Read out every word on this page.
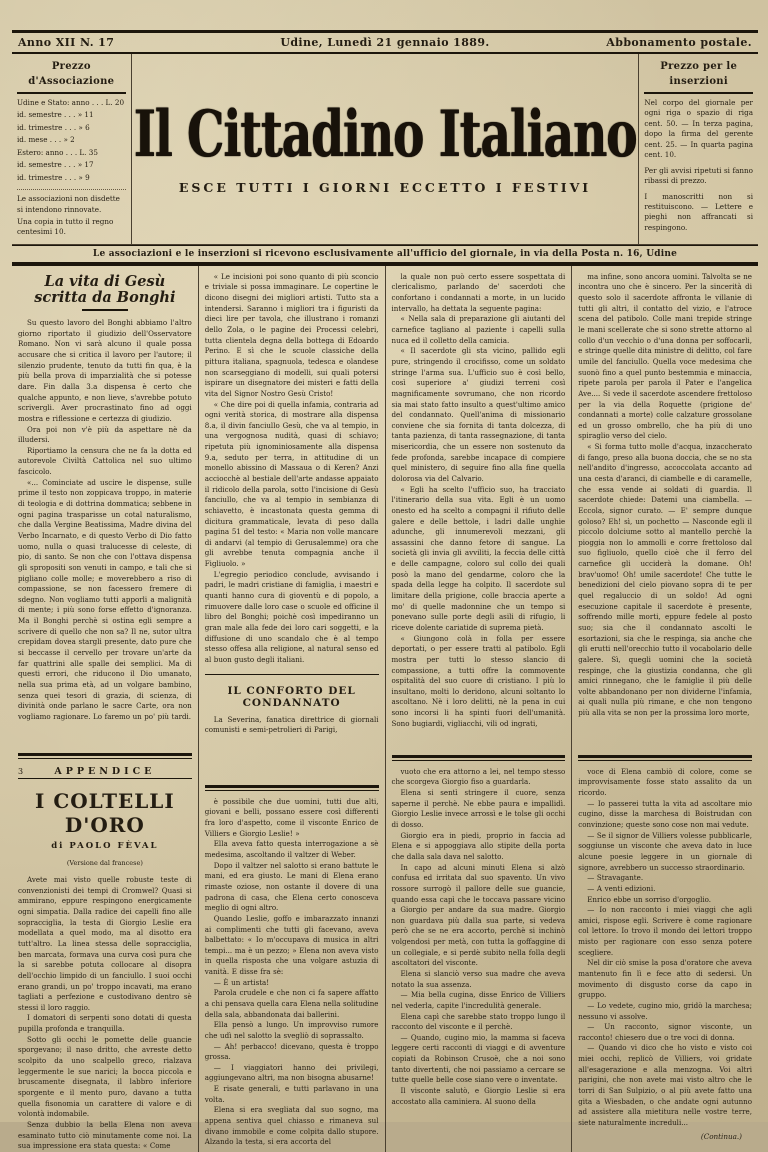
Anno XII N. 17	Udine, Lunedì 21 gennaio 1889.	Abbonamento postale.
Prezzo d'Associazione

Udine e Stato: anno . . . L. 20

id. semestre . . . » 11

id. trimestre . . . » 6

id. mese . . . » 2

Estero: anno . . . L. 35

id. semestre . . . » 17

id. trimestre . . . » 9

Le associazioni non disdette si intendono rinnovate.

Una copia in tutto il regno centesimi 10.

Il Cittadino Italiano
ESCE TUTTI I GIORNI ECCETTO I FESTIVI
Prezzo per le inserzioni

Nel corpo del giornale per ogni riga o spazio di riga cent. 50. — In terza pagina, dopo la firma del gerente cent. 25. — In quarta pagina cent. 10.

Per gli avvisi ripetuti si fanno ribassi di prezzo.

I manoscritti non si restituiscono. — Lettere e pieghi non affrancati si respingono.

Le associazioni e le inserzioni si ricevono esclusivamente all'ufficio del giornale, in via della Posta n. 16, Udine
La vita di Gesù scritta da Bonghi

Su questo lavoro del Bonghi abbiamo l'altro giorno riportato il giudizio dell'Osservatore Romano. Non vi sarà alcuno il quale possa accusare che si critica il lavoro per l'autore; il silenzio prudente, tenuto da tutti fin qua, è la più bella prova di imparzialità che si potesse dare. Fin dalla 3.a dispensa è certo che qualche appunto, e non lieve, s'avrebbe potuto scrivergli. Aver procrastinato fino ad oggi mostra e riflessione e certezza di giudizio.

Ora poi non v'è più da aspettare nè da illudersi.

Riportiamo la censura che ne fa la dotta ed autorevole Civiltà Cattolica nel suo ultimo fascicolo.

«... Cominciate ad uscire le dispense, sulle prime il testo non zoppicava troppo, in materie di teologia e di dottrina dommatica; sebbene in ogni pagina trasparisse un cotal naturalismo, che dalla Vergine Beatissima, Madre divina del Verbo Incarnato, e di questo Verbo di Dio fatto uomo, nulla o quasi tralucesse di celeste, di pio, di santo. Se non che con l'ottava dispensa gli spropositi son venuti in campo, e tali che si pigliano colle molle; e moverebbero a riso di compassione, se non facessero fremere di sdegno. Non vogliamo tutti apporli a malignità di mente; i più sono forse effetto d'ignoranza. Ma il Bonghi perchè si ostina egli sempre a scrivere di quello che non sa? Il ne, sutor ultra crepidam dovea stargli presente, dato pure che si beccasse il cervello per trovare un'arte da far quattrini alle spalle dei semplici. Ma di questi errori, che riducono il Dio umanato, nella sua prima età, ad un volgare bambino, senza quei tesori di grazia, di scienza, di divinità onde parlano le sacre Carte, ora non vogliamo ragionare. Lo faremo un po' più tardi.

3	APPENDICE
I COLTELLI D'ORO
di PAOLO FÈVAL
(Versione dal francese)

Avete mai visto quelle robuste teste di convenzionisti dei tempi di Cromwel? Quasi si ammirano, eppure respingono energicamente ogni simpatia. Dalla radice dei capelli fino alle sopracciglia, la testa di Giorgio Leslie era modellata a quel modo, ma al disotto era tutt'altro. La linea stessa delle sopracciglia, ben marcata, formava una curva così pura che la si sarebbe potuta collocare al disopra dell'occhio limpido di un fanciullo. I suoi occhi erano grandi, un po' troppo incavati, ma erano tagliati a perfezione e custodivano dentro sè stessi il loro raggio.

I domatori di serpenti sono dotati di questa pupilla profonda e tranquilla.

Sotto gli occhi le pomette delle guancie sporgevano; il naso dritto, che avreste detto scolpito da uno scalpello greco, rialzava leggermente le sue narici; la bocca piccola e bruscamente disegnata, il labbro inferiore sporgente e il mento puro, davano a tutta quella fisonomia un carattere di valore e di volontà indomabile.

Senza dubbio la bella Elena non aveva esaminato tutto ciò minutamente come noi. La sua impressione era stata questa: « Come

« Le incisioni poi sono quanto di più sconcio e triviale si possa immaginare. Le copertine le dicono disegni dei migliori artisti. Tutto sta a intendersi. Saranno i migliori tra i figuristi da dieci lire per tavola, che illustrano i romanzi dello Zola, o le pagine dei Processi celebri, tutta clientela degna della bottega di Edoardo Perino. E sì che le scuole classiche della pittura italiana, spagnuola, tedesca e olandese non scarseggiano di modelli, sui quali potersi ispirare un disegnatore dei misteri e fatti della vita del Signor Nostro Gesù Cristo!

« Che dire poi di quella infamia, contraria ad ogni verità storica, di mostrare alla dispensa 8.a, il divin fanciullo Gesù, che va al tempio, in una vergognosa nudità, quasi di schiavo; ripetuta più ignominiosamente alla dispensa 9.a, seduto per terra, in attitudine di un monello abissino di Massaua o di Keren? Anzi acciocchè al bestiale dell'arte andasse appaiato il ridicolo della parola, sotto l'incisione di Gesù fanciullo, che va al tempio in sembianza di schiavetto, è incastonata questa gemma di dicitura grammaticale, levata di peso dalla pagina 51 del testo: « Maria non volle mancare di andarvi (al tempio di Gerusalemme) ora che gli avrebbe tenuta compagnia anche il Figliuolo. »

L'egregio periodico conclude, avvisando i padri, le madri cristiane di famiglia, i maestri e quanti hanno cura di gioventù e di popolo, a rimuovere dalle loro case o scuole ed officine il libro del Bonghi; poichè così impediranno un gran male alla fede dei loro cari soggetti, e la diffusione di uno scandalo che è al tempo stesso offesa alla religione, al natural senso ed al buon gusto degli italiani.

IL CONFORTO DEL CONDANNATO

La Severina, fanatica direttrice di giornali comunisti e semi-petrolieri di Parigi,

è possibile che due uomini, tutti due alti, giovani e belli, possano essere così differenti fra loro d'aspetto, come il visconte Enrico de Villiers e Giorgio Leslie! »

Ella aveva fatto questa interrogazione a sè medesima, ascoltando il valtzer di Weber.

Dopo il valtzer nel salotto si erano battute le mani, ed era giusto. Le mani di Elena erano rimaste oziose, non ostante il dovere di una padrona di casa, che Elena certo conosceva meglio di ogni altro.

Quando Leslie, goffo e imbarazzato innanzi ai complimenti che tutti gli facevano, aveva balbettato: « Io m'occupava di musica in altri tempi... ma è un pezzo; » Elena non aveva visto in quella risposta che una volgare astuzia di vanità. E disse fra sè:

— È un artista!

Parola crudele e che non ci fa sapere affatto a chi pensava quella cara Elena nella solitudine della sala, abbandonata dai ballerini.

Ella pensò a lungo. Un improvviso rumore che udì nel salotto la svegliò di soprassalto.

— Ah! perbacco! dicevano, questa è troppo grossa.

— I viaggiatori hanno dei privilegi, aggiungevano altri, ma non bisogna abusarne!

E risate generali, e tutti parlavano in una volta.

Elena si era svegliata dal suo sogno, ma appena sentiva quel chiasso e rimaneva sul divano immobile e come colpita dallo stupore. Alzando la testa, si era accorta del

la quale non può certo essere sospettata di clericalismo, parlando de' sacerdoti che confortano i condannati a morte, in un lucido intervallo, ha dettata la seguente pagina:

« Nella sala di preparazione gli aiutanti del carnefice tagliano al paziente i capelli sulla nuca ed il colletto della camicia.

« Il sacerdote gli sta vicino, pallido egli pure, stringendo il crocifisso, come un soldato stringe l'arma sua. L'ufficio suo è così bello, così superiore a' giudizi terreni così magnificamente sovrumano, che non ricordo sia mai stato fatto insulto a quest'ultimo amico del condannato. Quell'anima di missionario conviene che sia fornita di tanta dolcezza, di tanta pazienza, di tanta rassegnazione, di tanta misericordia, che un essere non sostenuto da fede profonda, sarebbe incapace di compiere quel ministero, di seguire fino alla fine quella dolorosa via del Calvario.

« Egli ha scelto l'ufficio suo, ha tracciato l'itinerario della sua vita. Egli è un uomo onesto ed ha scelto a compagni il rifiuto delle galere e delle bettole, i ladri dalle unghie adunche, gli innumerevoli mezzani, gli assassini che danno fetore di sangue. La società gli invia gli avviliti, la feccia delle città e delle campagne, coloro sul collo dei quali posò la mano del gendarme, coloro che la spada della legge ha colpito. Il sacerdote sul limitare della prigione, colle braccia aperte a mo' di quelle madonnine che un tempo si ponevano sulle porte degli asili di rifugio, li riceve dolente cariatide di suprema pietà.

« Giungono colà in folla per essere deportati, o per essere tratti al patibolo. Egli mostra per tutti lo stesso slancio di compassione, a tutti offre la commovente ospitalità del suo cuore di cristiano. I più lo insultano, molti lo deridono, alcuni soltanto lo ascoltano. Nè i loro delitti, nè la pena in cui sono incorsi li ha spinti fuori dell'umanità. Sono bugiardi, vigliacchi, vili od ingrati,

vuoto che era attorno a lei, nel tempo stesso che scorgeva Giorgio fiso a guardarla.

Elena si sentì stringere il cuore, senza saperne il perchè. Ne ebbe paura e impallidì. Giorgio Leslie invece arrossì e le tolse gli occhi di dosso.

Giorgio era in piedi, proprio in faccia ad Elena e si appoggiava allo stipite della porta che dalla sala dava nel salotto.

In capo ad alcuni minuti Elena si alzò confusa ed irritata dal suo spavento. Un vivo rossore surrogò il pallore delle sue guancie, quando essa capì che le toccava passare vicino a Giorgio per andare da sua madre. Giorgio non guardava più dalla sua parte, si vedeva però che se ne era accorto, perchè si inchinò volgendosi per metà, con tutta la goffaggine di un collegiale, e si perdè subito nella folla degli ascoltatori del visconte.

Elena si slanciò verso sua madre che aveva notato la sua assenza.

— Mia bella cugina, disse Enrico de Villiers nel vederla, capite l'incredulità generale.

Elena capì che sarebbe stato troppo lungo il racconto del visconte e il perchè.

— Quando, cugino mio, la mamma si faceva leggere certi racconti di viaggi e di avventure copiati da Robinson Crusoè, che a noi sono tanto divertenti, che noi passiamo a cercare se tutte quelle belle cose siano vere o inventate.

Il visconte salutò, e Giorgio Leslie si era accostato alla caminiera. Al suono della

ma infine, sono ancora uomini. Talvolta se ne incontra uno che è sincero. Per la sincerità di questo solo il sacerdote affronta le villanie di tutti gli altri, il contatto del vizio, e l'atroce scena del patibolo. Colle mani trepide stringe le mani scellerate che si sono strette attorno al collo d'un vecchio o d'una donna per soffocarli, e stringe quelle dita ministre di delitto, col fare umile del fanciullo. Quella voce medesima che suonò fino a quel punto bestemmia e minaccia, ripete parola per parola il Pater e l'angelica Ave.... Si vede il sacerdote ascendere frettoloso per la via della Roquette (prigione de' condannati a morte) colle calzature grossolane ed un grosso ombrello, che ha più di uno spiraglio verso del cielo.

« Si forma tutto molle d'acqua, inzaccherato di fango, preso alla buona doccia, che se no sta nell'andito d'ingresso, accoccolata accanto ad una cesta d'aranci, di ciambelle e di caramelle, che essa vende ai soldati di guardia. Il sacerdote chiede: Datemi una ciambella. — Eccola, signor curato. — E' sempre dunque goloso? Eh! sì, un pochetto — Nasconde egli il piccolo dolciume sotto al mantello perchè la pioggia non lo ammolli e corre frettoloso dal suo figliuolo, quello cioè che il ferro del carnefice gli ucciderà la domane. Oh! brav'uomo! Oh! umile sacerdote! Che tutte le benedizioni del cielo piovano sopra di te per quel regaluccio di un soldo! Ad ogni esecuzione capitale il sacerdote è presente, soffrendo mille morti, eppure fedele al posto suo; sia che il condannato ascolti le esortazioni, sia che le respinga, sia anche che gli erutti nell'orecchio tutto il vocabolario delle galere. Sì, quegli uomini che la società respinge, che la giustizia condanna, che gli amici rinnegano, che le famiglie il più delle volte abbandonano per non dividerne l'infamia, ai quali nulla più rimane, e che non tengono più alla vita se non per la prossima loro morte,

voce di Elena cambiò di colore, come se improvvisamente fosse stato assalito da un ricordo.

— Io passerei tutta la vita ad ascoltare mio cugino, disse la marchesa di Boistrudan con convinzione; queste sono cose non mai vedute.

— Se il signor de Villiers volesse pubblicarle, soggiunse un visconte che aveva dato in luce alcune poesie leggere in un giornale di signore, avrebbero un successo straordinario.

— Stravagante.

— A venti edizioni.

Enrico ebbe un sorriso d'orgoglio.

— Io non racconto i miei viaggi che agli amici, rispose egli. Scrivere è come ragionare col lettore. Io trovo il mondo dei lettori troppo misto per ragionare con esso senza potere scegliere.

Nel dir ciò smise la posa d'oratore che aveva mantenuto fin lì e fece atto di sedersi. Un movimento di disgusto corse da capo in gruppo.

— Lo vedete, cugino mio, gridò la marchesa; nessuno vi assolve.

— Un racconto, signor visconte, un racconto! chiesero due o tre voci di donna.

— Quando vi dico che ho visto e visto coi miei occhi, replicò de Villiers, voi gridate all'esagerazione e alla menzogna. Voi altri parigini, che non avete mai visto altro che le torri di San Sulpizio, o al più avete fatto una gita a Wiesbaden, o che andate ogni autunno ad assistere alla mietitura nelle vostre terre, siete naturalmente increduli...

(Continua.)
